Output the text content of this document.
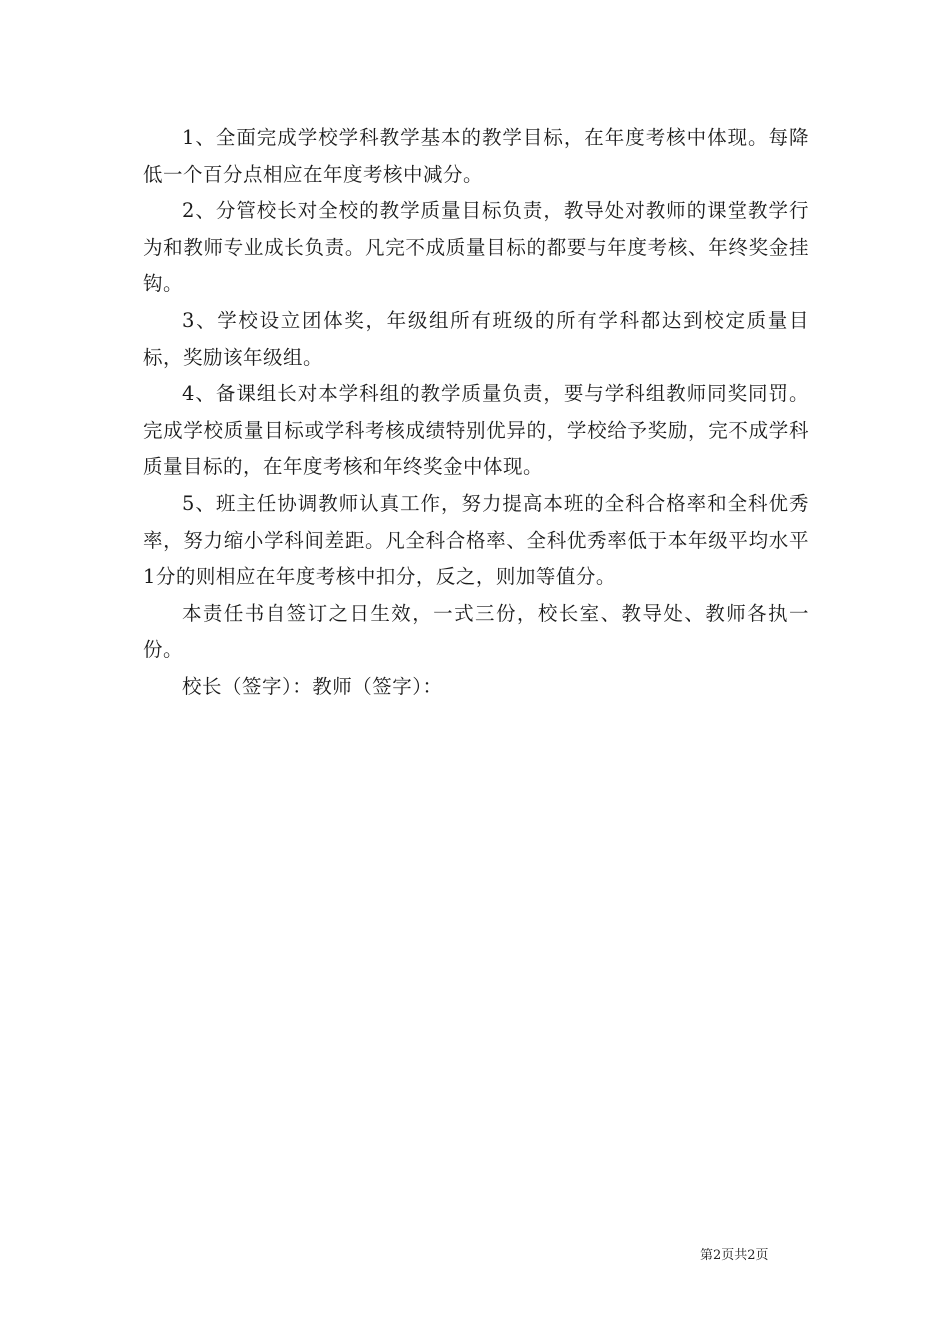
1、全面完成学校学科教学基本的教学目标，在年度考核中体现。每降低一个百分点相应在年度考核中减分。

2、分管校长对全校的教学质量目标负责，教导处对教师的课堂教学行为和教师专业成长负责。凡完不成质量目标的都要与年度考核、年终奖金挂钩。

3、学校设立团体奖，年级组所有班级的所有学科都达到校定质量目标，奖励该年级组。

4、备课组长对本学科组的教学质量负责，要与学科组教师同奖同罚。完成学校质量目标或学科考核成绩特别优异的，学校给予奖励，完不成学科质量目标的，在年度考核和年终奖金中体现。

5、班主任协调教师认真工作，努力提高本班的全科合格率和全科优秀率，努力缩小学科间差距。凡全科合格率、全科优秀率低于本年级平均水平1分的则相应在年度考核中扣分，反之，则加等值分。

本责任书自签订之日生效，一式三份，校长室、教导处、教师各执一份。

校长（签字）：教师（签字）：

第2页共2页
